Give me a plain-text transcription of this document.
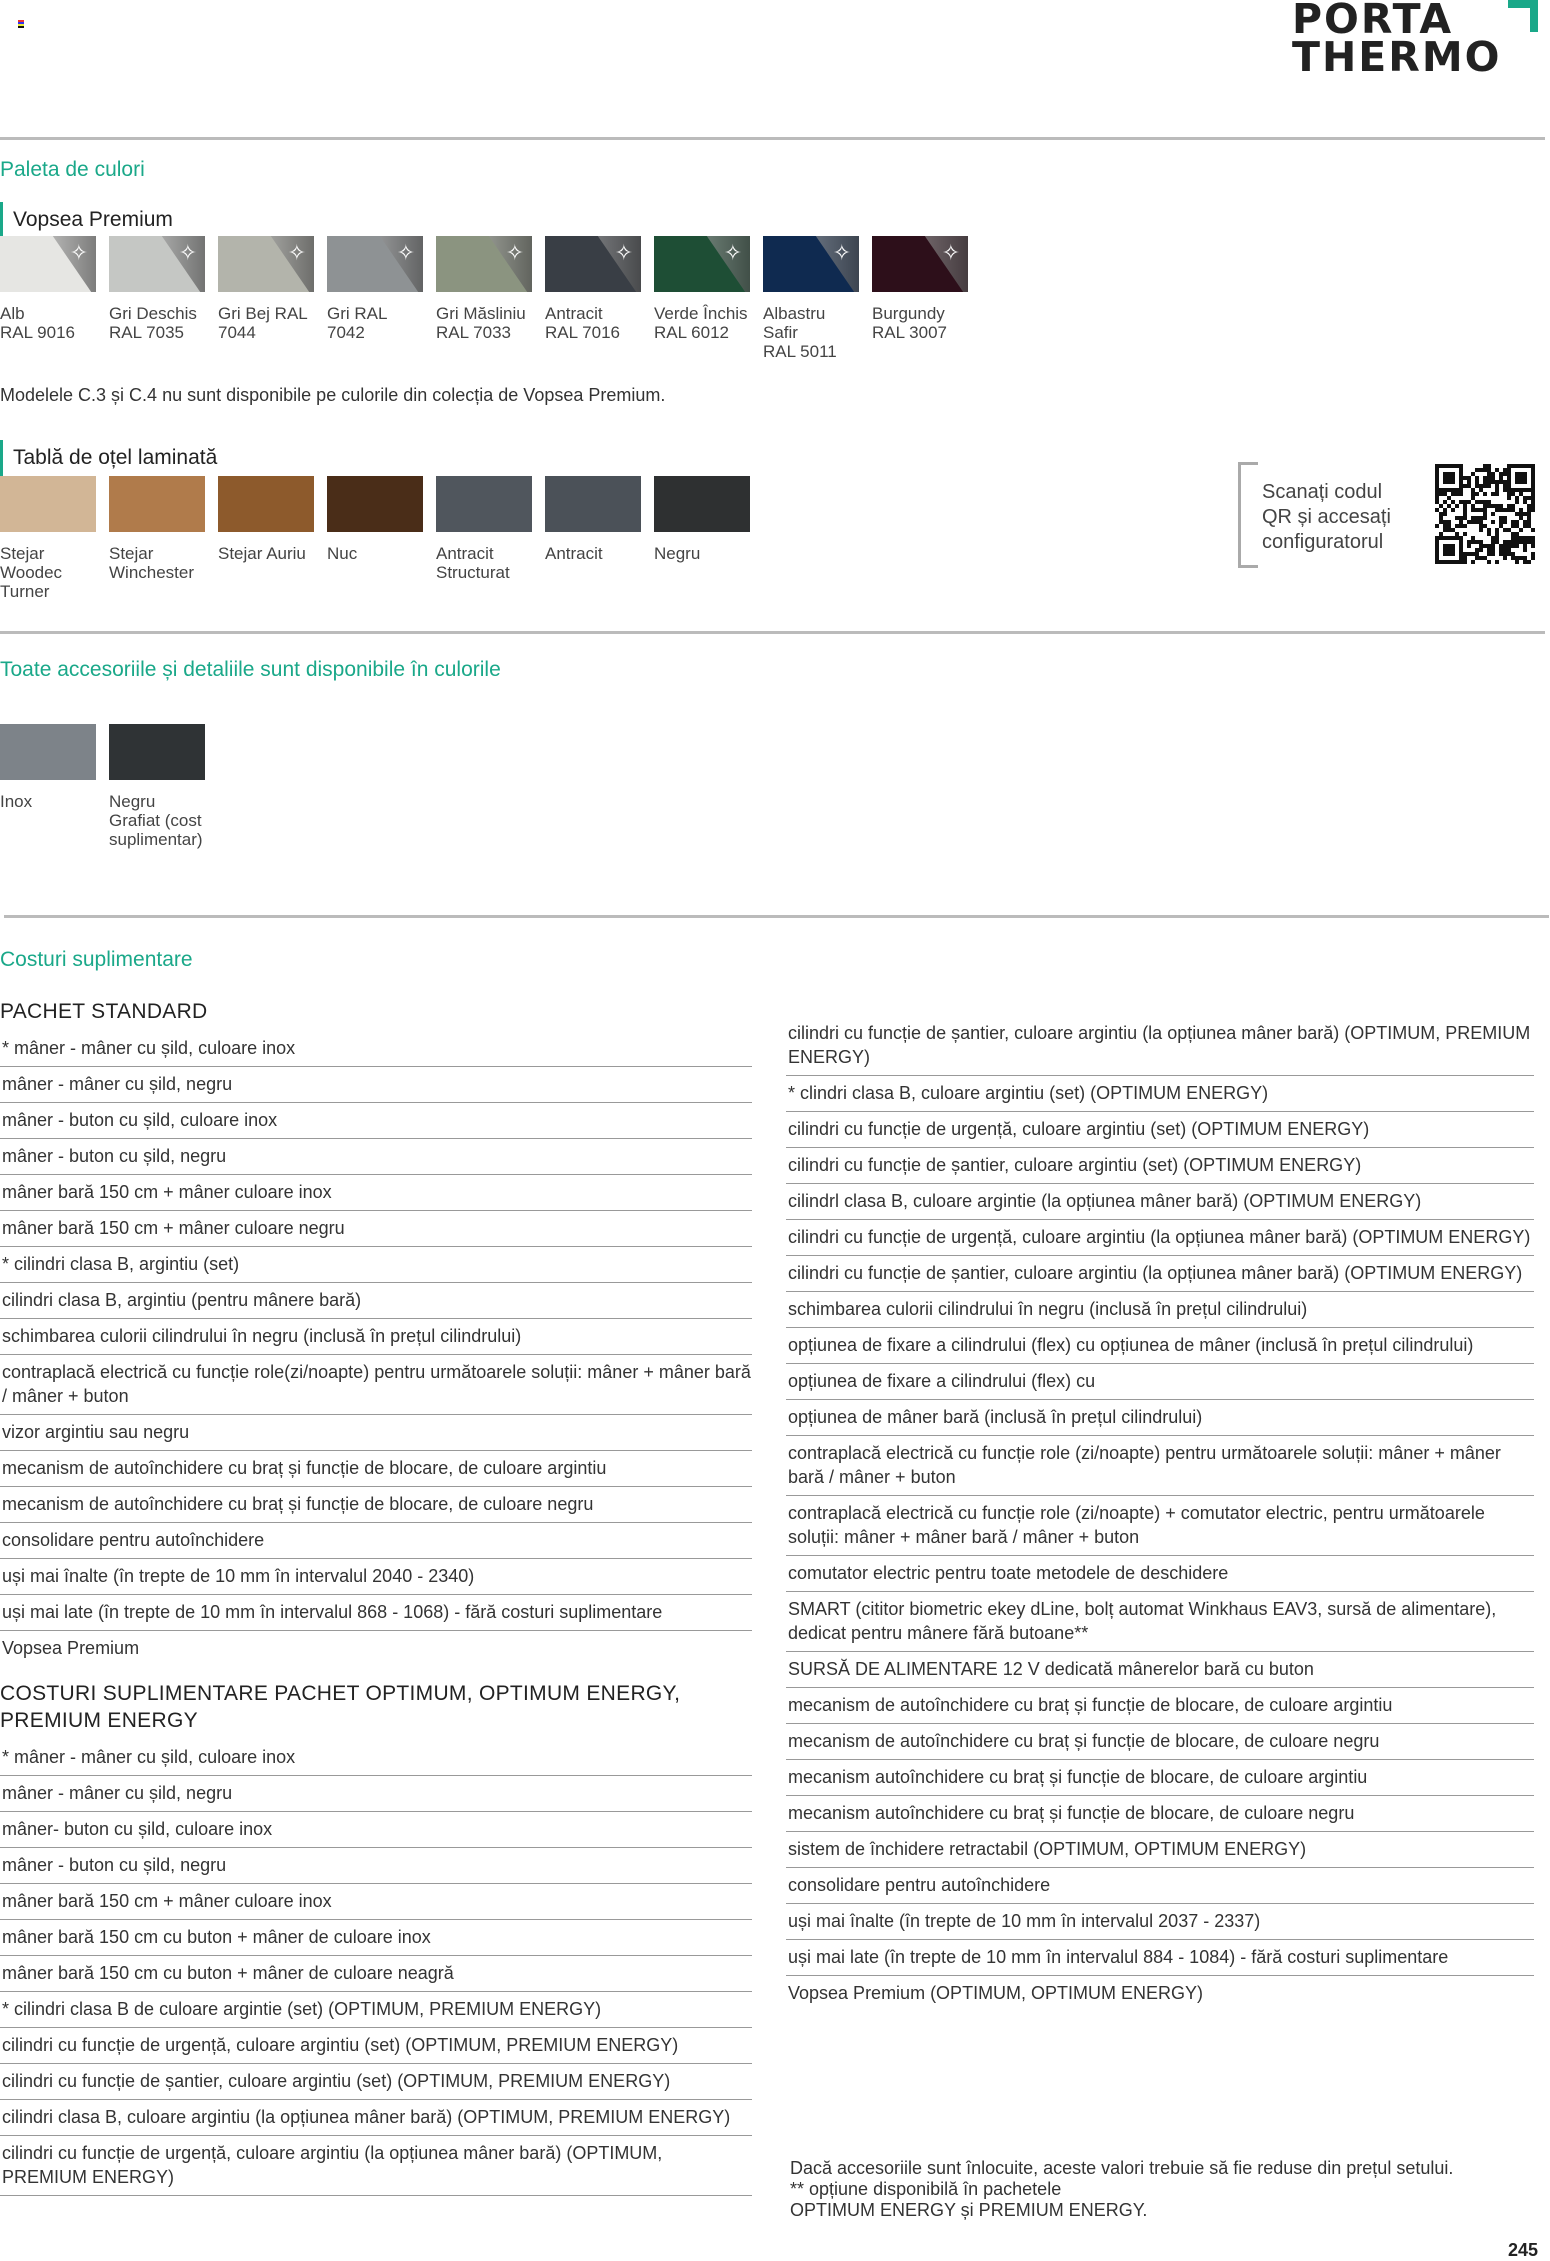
PORTA
THERMO
Paleta de culori
Vopsea Premium
✧
Alb
RAL 9016
✧
Gri Deschis
RAL 7035
✧
Gri Bej RAL
7044
✧
Gri RAL
7042
✧
Gri Măsliniu
RAL 7033
✧
Antracit
RAL 7016
✧
Verde Închis
RAL 6012
✧
Albastru Safir
RAL 5011
✧
Burgundy
RAL 3007
Modelele C.3 și C.4 nu sunt disponibile pe culorile din colecția de Vopsea Premium.
Tablă de oțel laminată
Stejar Woodec Turner
Stejar Winchester
Stejar Auriu	Nuc	Antracit Structurat
Antracit	Negru
Scanați codul QR și accesați configuratorul
Toate accesoriile și detaliile sunt disponibile în culorile
Inox	Negru Grafiat (cost suplimentar)
Costuri suplimentare
PACHET STANDARD
* mâner - mâner cu șild, culoare inox
mâner - mâner cu șild, negru
mâner - buton cu șild, culoare inox
mâner - buton cu șild, negru
mâner bară 150 cm + mâner culoare inox
mâner bară 150 cm + mâner culoare negru
* cilindri clasa B, argintiu (set)
cilindri clasa B, argintiu (pentru mânere bară)
schimbarea culorii cilindrului în negru (inclusă în prețul cilindrului)
contraplacă electrică cu funcție role(zi/noapte) pentru următoarele soluții: mâner + mâner bară / mâner + buton
vizor argintiu sau negru
mecanism de autoînchidere cu braț și funcție de blocare, de culoare argintiu
mecanism de autoînchidere cu braț și funcție de blocare, de culoare negru
consolidare pentru autoînchidere
uși mai înalte (în trepte de 10 mm în intervalul 2040 - 2340)
uși mai late (în trepte de 10 mm în intervalul 868 - 1068) - fără costuri suplimentare
Vopsea Premium
COSTURI SUPLIMENTARE PACHET OPTIMUM, OPTIMUM ENERGY, PREMIUM ENERGY
* mâner - mâner cu șild, culoare inox
mâner - mâner cu șild, negru
mâner- buton cu șild, culoare inox
mâner - buton cu șild, negru
mâner bară 150 cm + mâner culoare inox
mâner bară 150 cm cu buton + mâner de culoare inox
mâner bară 150 cm cu buton + mâner de culoare neagră
* cilindri clasa B de culoare argintie (set) (OPTIMUM, PREMIUM ENERGY)
cilindri cu funcție de urgență, culoare argintiu (set) (OPTIMUM, PREMIUM ENERGY)
cilindri cu funcție de șantier, culoare argintiu (set) (OPTIMUM, PREMIUM ENERGY)
cilindri clasa B, culoare argintiu (la opțiunea mâner bară) (OPTIMUM, PREMIUM ENERGY)
cilindri cu funcție de urgență, culoare argintiu (la opțiunea mâner bară) (OPTIMUM, PREMIUM ENERGY)
cilindri cu funcție de șantier, culoare argintiu (la opțiunea mâner bară) (OPTIMUM, PREMIUM ENERGY)
* clindri clasa B, culoare argintiu (set) (OPTIMUM ENERGY)
cilindri cu funcție de urgență, culoare argintiu (set) (OPTIMUM ENERGY)
cilindri cu funcție de șantier, culoare argintiu (set) (OPTIMUM ENERGY)
cilindrl clasa B, culoare argintie (la opțiunea mâner bară) (OPTIMUM ENERGY)
cilindri cu funcție de urgență, culoare argintiu (la opțiunea mâner bară) (OPTIMUM ENERGY)
cilindri cu funcție de șantier, culoare argintiu (la opțiunea mâner bară) (OPTIMUM ENERGY)
schimbarea culorii cilindrului în negru (inclusă în prețul cilindrului)
opțiunea de fixare a cilindrului (flex) cu opțiunea de mâner (inclusă în prețul cilindrului)
opțiunea de fixare a cilindrului (flex) cu
opțiunea de mâner bară (inclusă în prețul cilindrului)
contraplacă electrică cu funcție role (zi/noapte) pentru următoarele soluții: mâner + mâner bară / mâner + buton
contraplacă electrică cu funcție role (zi/noapte) + comutator electric, pentru următoarele soluții: mâner + mâner bară / mâner + buton
comutator electric pentru toate metodele de deschidere
SMART (cititor biometric ekey dLine, bolț automat Winkhaus EAV3, sursă de alimentare), dedicat pentru mânere fără butoane**
SURSĂ DE ALIMENTARE 12 V dedicată mânerelor bară cu buton
mecanism de autoînchidere cu braț și funcție de blocare, de culoare argintiu
mecanism de autoînchidere cu braț și funcție de blocare, de culoare negru
mecanism autoînchidere cu braț și funcție de blocare, de culoare argintiu
mecanism autoînchidere cu braț și funcție de blocare, de culoare negru
sistem de închidere retractabil (OPTIMUM, OPTIMUM ENERGY)
consolidare pentru autoînchidere
uși mai înalte (în trepte de 10 mm în intervalul 2037 - 2337)
uși mai late (în trepte de 10 mm în intervalul 884 - 1084) - fără costuri suplimentare
Vopsea Premium (OPTIMUM, OPTIMUM ENERGY)
Dacă accesoriile sunt înlocuite, aceste valori trebuie să fie reduse din prețul setului.
** opțiune disponibilă în pachetele
OPTIMUM ENERGY și PREMIUM ENERGY.
245
